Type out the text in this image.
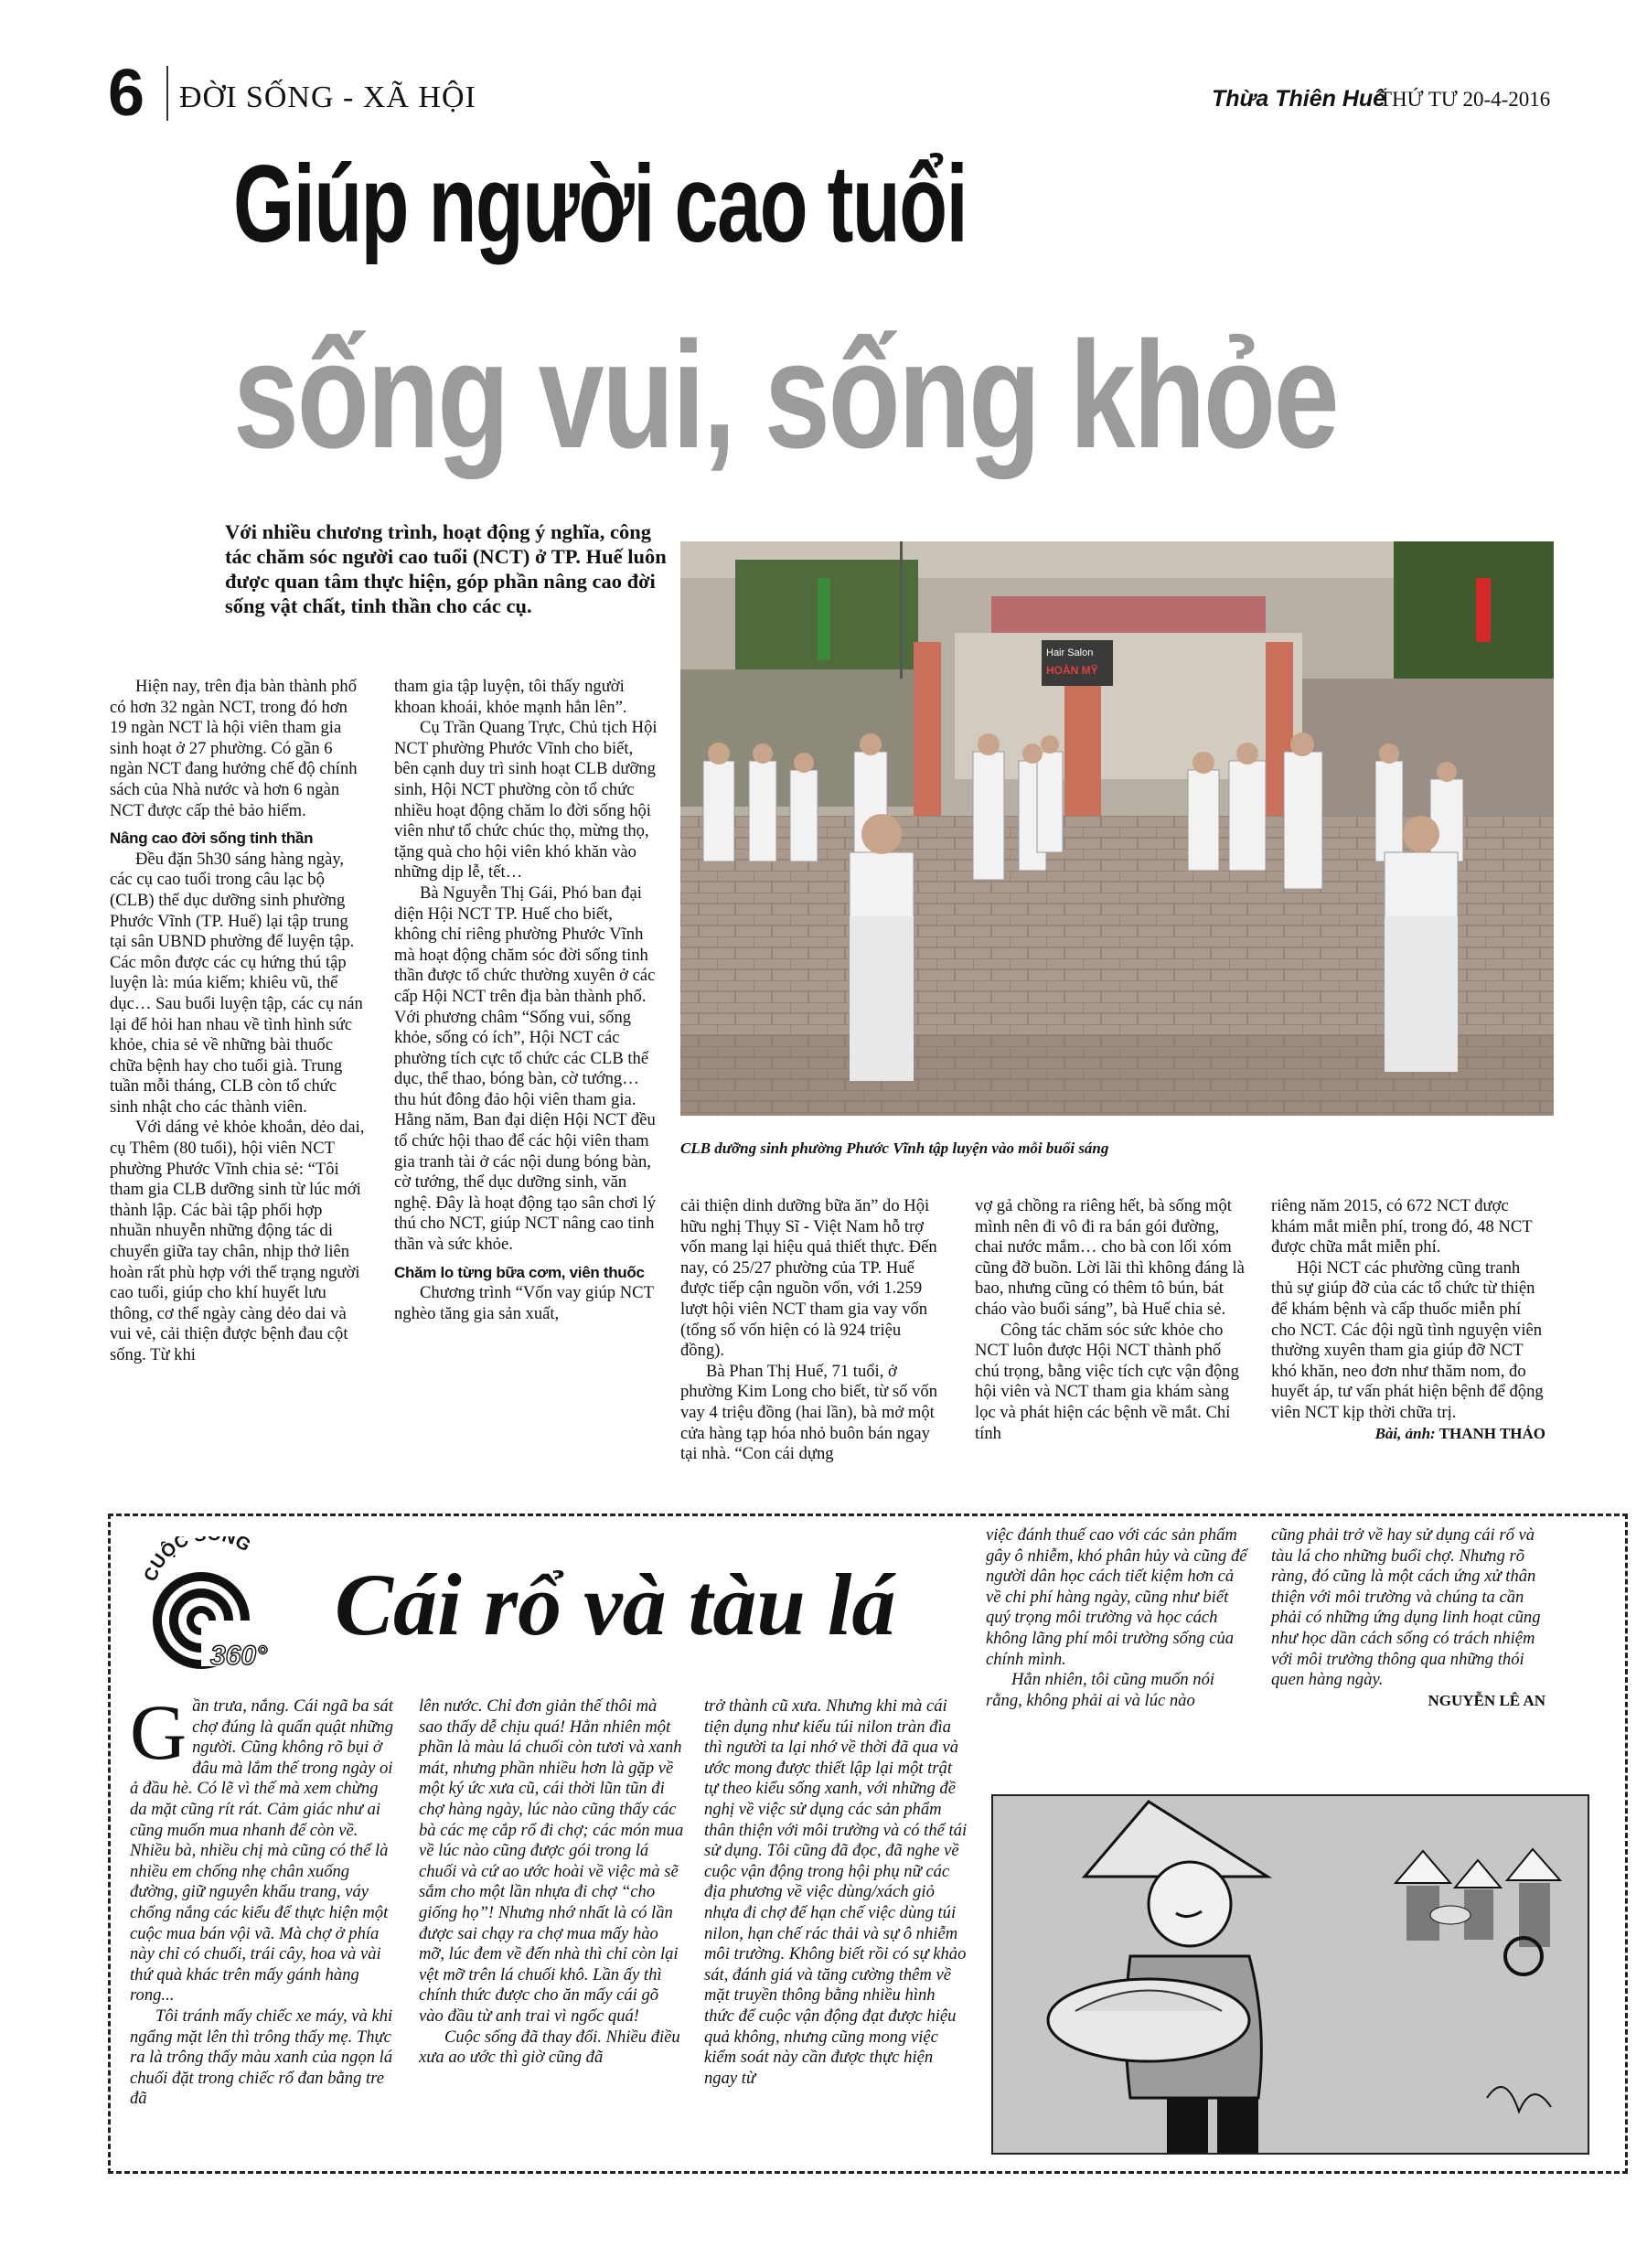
6 ĐỜI SỐNG - XÃ HỘI	Thừa Thiên Huế
THỨ TƯ 20-4-2016
Giúp người cao tuổi
sống vui, sống khỏe
Với nhiều chương trình, hoạt động ý nghĩa, công tác chăm sóc người cao tuổi (NCT) ở TP. Huế luôn được quan tâm thực hiện, góp phần nâng cao đời sống vật chất, tinh thần cho các cụ.

Hiện nay, trên địa bàn thành phố có hơn 32 ngàn NCT, trong đó hơn 19 ngàn NCT là hội viên tham gia sinh hoạt ở 27 phường. Có gần 6 ngàn NCT đang hưởng chế độ chính sách của Nhà nước và hơn 6 ngàn NCT được cấp thẻ bảo hiểm.

Nâng cao đời sống tinh thần

Đều đặn 5h30 sáng hàng ngày, các cụ cao tuổi trong câu lạc bộ (CLB) thể dục dưỡng sinh phường Phước Vĩnh (TP. Huế) lại tập trung tại sân UBND phường để luyện tập. Các môn được các cụ hứng thú tập luyện là: múa kiếm; khiêu vũ, thể dục… Sau buổi luyện tập, các cụ nán lại để hỏi han nhau về tình hình sức khỏe, chia sẻ về những bài thuốc chữa bệnh hay cho tuổi già. Trung tuần mỗi tháng, CLB còn tổ chức sinh nhật cho các thành viên.

Với dáng vẻ khỏe khoắn, dẻo dai, cụ Thêm (80 tuổi), hội viên NCT phường Phước Vĩnh chia sẻ: “Tôi tham gia CLB dưỡng sinh từ lúc mới thành lập. Các bài tập phối hợp nhuần nhuyễn những động tác di chuyển giữa tay chân, nhịp thở liên hoàn rất phù hợp với thể trạng người cao tuổi, giúp cho khí huyết lưu thông, cơ thể ngày càng dẻo dai và vui vẻ, cải thiện được bệnh đau cột sống. Từ khi

tham gia tập luyện, tôi thấy người khoan khoái, khỏe mạnh hẳn lên”.

Cụ Trần Quang Trực, Chủ tịch Hội NCT phường Phước Vĩnh cho biết, bên cạnh duy trì sinh hoạt CLB dưỡng sinh, Hội NCT phường còn tổ chức nhiều hoạt động chăm lo đời sống hội viên như tổ chức chúc thọ, mừng thọ, tặng quà cho hội viên khó khăn vào những dịp lễ, tết…

Bà Nguyễn Thị Gái, Phó ban đại diện Hội NCT TP. Huế cho biết, không chỉ riêng phường Phước Vĩnh mà hoạt động chăm sóc đời sống tinh thần được tổ chức thường xuyên ở các cấp Hội NCT trên địa bàn thành phố. Với phương châm “Sống vui, sống khỏe, sống có ích”, Hội NCT các phường tích cực tổ chức các CLB thể dục, thể thao, bóng bàn, cờ tướng… thu hút đông đảo hội viên tham gia. Hằng năm, Ban đại diện Hội NCT đều tổ chức hội thao để các hội viên tham gia tranh tài ở các nội dung bóng bàn, cờ tướng, thể dục dưỡng sinh, văn nghệ. Đây là hoạt động tạo sân chơi lý thú cho NCT, giúp NCT nâng cao tinh thần và sức khỏe.

Chăm lo từng bữa cơm, viên thuốc

Chương trình “Vốn vay giúp NCT nghèo tăng gia sản xuất,

Hair Salon
HOÀN MỸ
CLB dưỡng sinh phường Phước Vĩnh tập luyện vào mỗi buổi sáng

cải thiện dinh dưỡng bữa ăn” do Hội hữu nghị Thụy Sĩ - Việt Nam hỗ trợ vốn mang lại hiệu quả thiết thực. Đến nay, có 25/27 phường của TP. Huế được tiếp cận nguồn vốn, với 1.259 lượt hội viên NCT tham gia vay vốn (tổng số vốn hiện có là 924 triệu đồng).

Bà Phan Thị Huế, 71 tuổi, ở phường Kim Long cho biết, từ số vốn vay 4 triệu đồng (hai lần), bà mở một cửa hàng tạp hóa nhỏ buôn bán ngay tại nhà. “Con cái dựng

vợ gả chồng ra riêng hết, bà sống một mình nên đi vô đi ra bán gói đường, chai nước mắm… cho bà con lối xóm cũng đỡ buồn. Lời lãi thì không đáng là bao, nhưng cũng có thêm tô bún, bát cháo vào buổi sáng”, bà Huế chia sẻ.

Công tác chăm sóc sức khỏe cho NCT luôn được Hội NCT thành phố chú trọng, bằng việc tích cực vận động hội viên và NCT tham gia khám sàng lọc và phát hiện các bệnh về mắt. Chỉ tính

riêng năm 2015, có 672 NCT được khám mắt miễn phí, trong đó, 48 NCT được chữa mắt miễn phí.

Hội NCT các phường cũng tranh thủ sự giúp đỡ của các tổ chức từ thiện để khám bệnh và cấp thuốc miễn phí cho NCT. Các đội ngũ tình nguyện viên thường xuyên tham gia giúp đỡ NCT khó khăn, neo đơn như thăm nom, đo huyết áp, tư vấn phát hiện bệnh để động viên NCT kịp thời chữa trị.

Bài, ảnh: THANH THẢO
CUỘC NG
360°
Cái rổ và tàu lá

Gần trưa, nắng. Cái ngã ba sát chợ đúng là quẩn quật những người. Cũng không rõ bụi ở đâu mà lắm thế trong ngày oi ả đầu hè. Có lẽ vì thế mà xem chừng da mặt cũng rít rát. Cảm giác như ai cũng muốn mua nhanh để còn về. Nhiều bà, nhiều chị mà cũng có thể là nhiều em chống nhẹ chân xuống đường, giữ nguyên khẩu trang, váy chống nắng các kiểu để thực hiện một cuộc mua bán vội vã. Mà chợ ở phía này chỉ có chuối, trái cây, hoa và vài thứ quà khác trên mấy gánh hàng rong...

Tôi tránh mấy chiếc xe máy, và khi ngẩng mặt lên thì trông thấy mẹ. Thực ra là trông thấy màu xanh của ngọn lá chuối đặt trong chiếc rổ đan bằng tre đã

lên nước. Chỉ đơn giản thế thôi mà sao thấy dễ chịu quá! Hẳn nhiên một phần là màu lá chuối còn tươi và xanh mát, nhưng phần nhiều hơn là gặp về một ký ức xưa cũ, cái thời lũn tũn đi chợ hàng ngày, lúc nào cũng thấy các bà các mẹ cắp rổ đi chợ; các món mua về lúc nào cũng được gói trong lá chuối và cứ ao ước hoài về việc mà sẽ sắm cho một lần nhựa đi chợ “cho giống họ”! Nhưng nhớ nhất là có lần được sai chạy ra chợ mua mấy hào mỡ, lúc đem về đến nhà thì chỉ còn lại vệt mỡ trên lá chuối khô. Lần ấy thì chính thức được cho ăn mấy cái gõ vào đầu từ anh trai vì ngốc quá!

Cuộc sống đã thay đổi. Nhiều điều xưa ao ước thì giờ cũng đã

trở thành cũ xưa. Nhưng khi mà cái tiện dụng như kiểu túi nilon tràn đìa thì người ta lại nhớ về thời đã qua và ước mong được thiết lập lại một trật tự theo kiểu sống xanh, với những đề nghị về việc sử dụng các sản phẩm thân thiện với môi trường và có thể tái sử dụng. Tôi cũng đã đọc, đã nghe về cuộc vận động trong hội phụ nữ các địa phương về việc dùng/xách giỏ nhựa đi chợ để hạn chế việc dùng túi nilon, hạn chế rác thải và sự ô nhiễm môi trường. Không biết rồi có sự khảo sát, đánh giá và tăng cường thêm về mặt truyền thông bằng nhiều hình thức để cuộc vận động đạt được hiệu quả không, nhưng cũng mong việc kiểm soát này cần được thực hiện ngay từ

việc đánh thuế cao với các sản phẩm gây ô nhiễm, khó phân hủy và cũng để người dân học cách tiết kiệm hơn cả về chi phí hàng ngày, cũng như biết quý trọng môi trường và học cách không lãng phí môi trường sống của chính mình.

Hẳn nhiên, tôi cũng muốn nói rằng, không phải ai và lúc nào

cũng phải trở về hay sử dụng cái rổ và tàu lá cho những buổi chợ. Nhưng rõ ràng, đó cũng là một cách ứng xử thân thiện với môi trường và chúng ta cần phải có những ứng dụng linh hoạt cũng như học dần cách sống có trách nhiệm với môi trường thông qua những thói quen hàng ngày.

NGUYỄN LÊ AN
